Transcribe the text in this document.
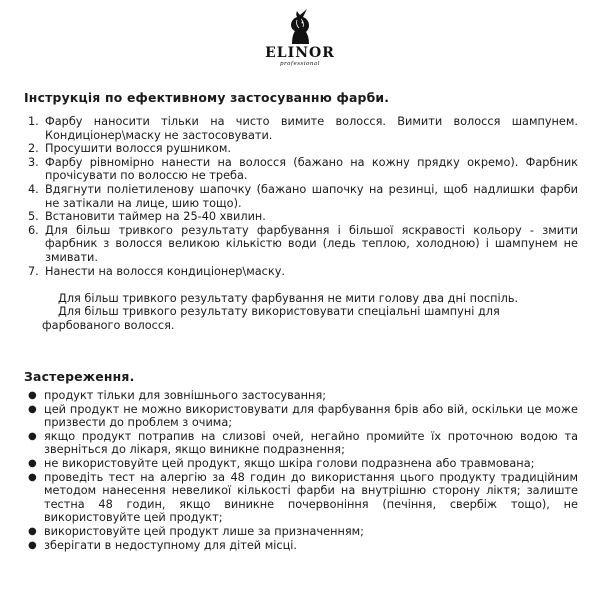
ELINOR
professional
Інструкція по ефективному застосуванню фарби.
1. Фарбу наносити тільки на чисто вимите волосся. Вимити волосся шампунем. Кондиціонер\маску не застосовувати.
2. Просушити волосся рушником.
3. Фарбу рівномірно нанести на волосся (бажано на кожну прядку окремо). Фарбник прочісувати по волоссю не треба.
4. Вдягнути поліетиленову шапочку (бажано шапочку на резинці, щоб надлишки фарби не затікали на лице, шию тощо).
5. Встановити таймер на 25-40 хвилин.
6. Для більш тривкого результату фарбування і більшої яскравості кольору - змити фарбник з волосся великою кількістю води (ледь теплою, холодною) і шампунем не змивати.
7. Нанести на волосся кондиціонер\маску.

Для більш тривкого результату фарбування не мити голову два дні поспіль.

Для більш тривкого результату використовувати спеціальні шампуні для фарбованого волосся.

Застереження.
● продукт тільки для зовнішнього застосування;
● цей продукт не можно використовувати для фарбування брів або вій, оскільки це може призвести до проблем з очима;
● якщо продукт потрапив на слизові очей, негайно промийте їх проточною водою та зверніться до лікаря, якщо виникне подразнення;
● не використовуйте цей продукт, якщо шкіра голови подразнена або травмована;
● проведіть тест на алергію за 48 годин до використання цього продукту традиційним методом нанесення невеликої кількості фарби на внутрішню сторону ліктя; залиште тестна 48 годин, якщо виникне почервоніння (печіння, свербіж тощо), не використовуйте цей продукт;
● використовуйте цей продукт лише за призначенням;
● зберігати в недоступному для дітей місці.
